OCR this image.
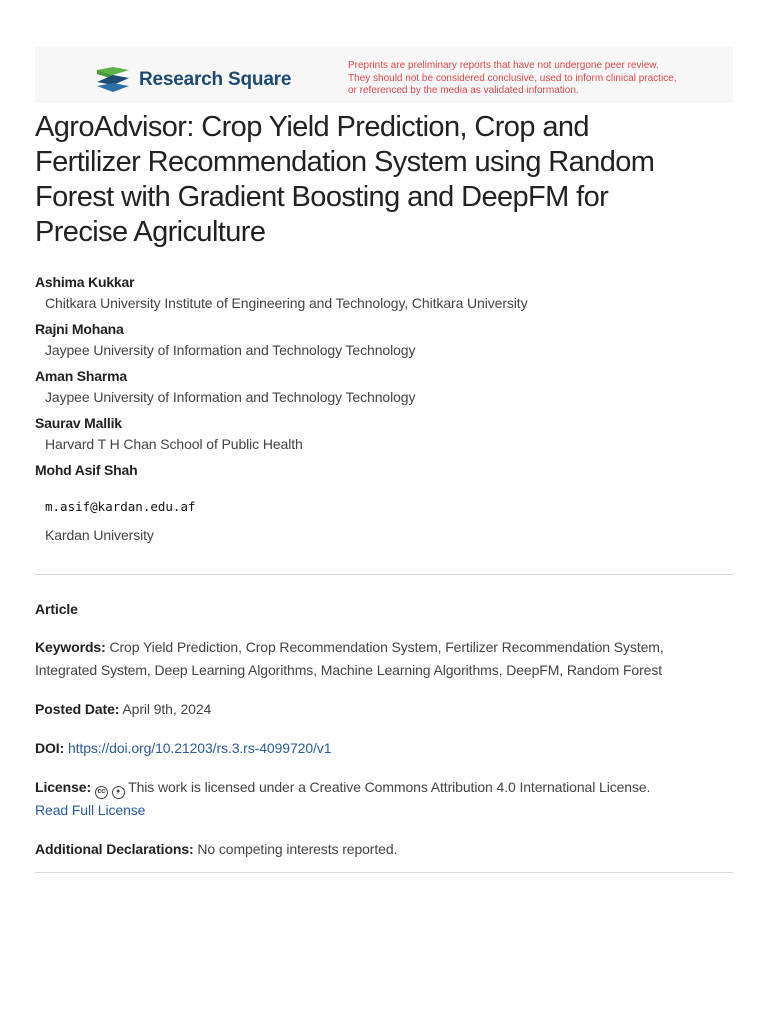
Research Square
Preprints are preliminary reports that have not undergone peer review.
They should not be considered conclusive, used to inform clinical practice,
or referenced by the media as validated information.
AgroAdvisor: Crop Yield Prediction, Crop and
Fertilizer Recommendation System using Random
Forest with Gradient Boosting and DeepFM for
Precise Agriculture
Ashima Kukkar
Chitkara University Institute of Engineering and Technology, Chitkara University
Rajni Mohana
Jaypee University of Information and Technology Technology
Aman Sharma
Jaypee University of Information and Technology Technology
Saurav Mallik
Harvard T H Chan School of Public Health
Mohd Asif Shah
m.asif@kardan.edu.af
Kardan University
Article
Keywords: Crop Yield Prediction, Crop Recommendation System, Fertilizer Recommendation System,
Integrated System, Deep Learning Algorithms, Machine Learning Algorithms, DeepFM, Random Forest
Posted Date: April 9th, 2024
DOI: https://doi.org/10.21203/rs.3.rs-4099720/v1
License: cc ● This work is licensed under a Creative Commons Attribution 4.0 International License.
Read Full License
Additional Declarations: No competing interests reported.
